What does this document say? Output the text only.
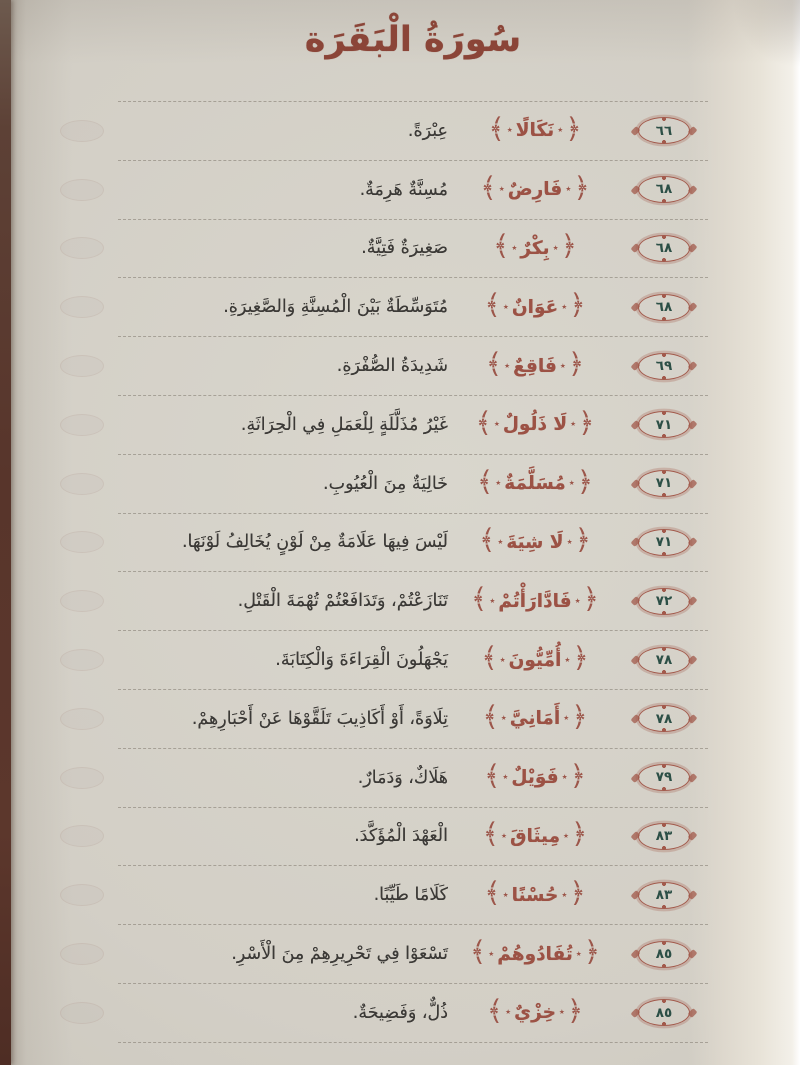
سُورَةُ الْبَقَرَة
٦٦
﴿
٭
نَكَالًا
٭
﴾
عِبْرَةً.
٦٨
﴿
٭
فَارِضٌ
٭
﴾
مُسِنَّةٌ هَرِمَةٌ.
٦٨
﴿
٭
بِكْرٌ
٭
﴾
صَغِيرَةٌ فَتِيَّةٌ.
٦٨
﴿
٭
عَوَانٌ
٭
﴾
مُتَوَسِّطَةٌ بَيْنَ الْمُسِنَّةِ وَالصَّغِيرَةِ.
٦٩
﴿
٭
فَاقِعٌ
٭
﴾
شَدِيدَةُ الصُّفْرَةِ.
٧١
﴿
٭
لَا ذَلُولٌ
٭
﴾
غَيْرُ مُذَلَّلَةٍ لِلْعَمَلِ فِي الْحِرَاثَةِ.
٧١
﴿
٭
مُسَلَّمَةٌ
٭
﴾
خَالِيَةٌ مِنَ الْعُيُوبِ.
٧١
﴿
٭
لَا شِيَةَ
٭
﴾
لَيْسَ فِيهَا عَلَامَةٌ مِنْ لَوْنٍ يُخَالِفُ لَوْنَهَا.
٧٢
﴿
٭
فَادَّارَأْتُمْ
٭
﴾
تَنَازَعْتُمْ، وَتَدَافَعْتُمْ تُهْمَةَ الْقَتْلِ.
٧٨
﴿
٭
أُمِّيُّونَ
٭
﴾
يَجْهَلُونَ الْقِرَاءَةَ وَالْكِتَابَةَ.
٧٨
﴿
٭
أَمَانِيَّ
٭
﴾
تِلَاوَةً، أَوْ أَكَاذِيبَ تَلَقَّوْهَا عَنْ أَحْبَارِهِمْ.
٧٩
﴿
٭
فَوَيْلٌ
٭
﴾
هَلَاكٌ، وَدَمَارٌ.
٨٣
﴿
٭
مِيثَاقَ
٭
﴾
الْعَهْدَ الْمُؤَكَّدَ.
٨٣
﴿
٭
حُسْنًا
٭
﴾
كَلَامًا طَيِّبًا.
٨٥
﴿
٭
تُفَادُوهُمْ
٭
﴾
تَسْعَوْا فِي تَحْرِيرِهِمْ مِنَ الْأَسْرِ.
٨٥
﴿
٭
خِزْيٌ
٭
﴾
ذُلٌّ، وَفَضِيحَةٌ.
